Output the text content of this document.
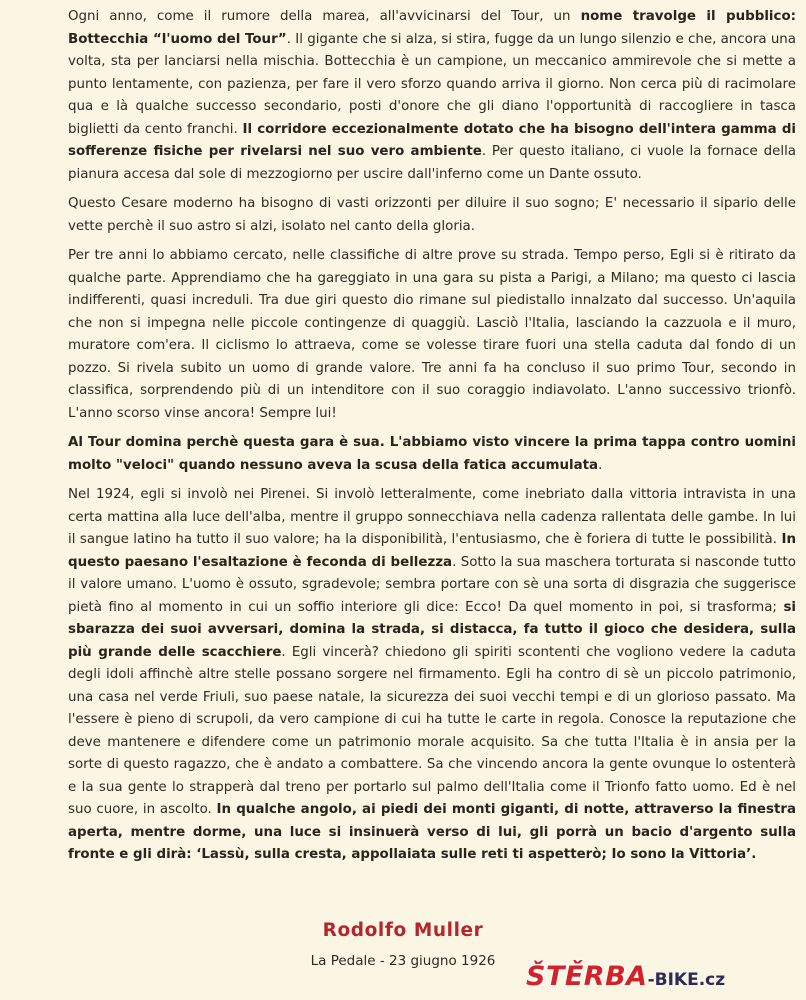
Ogni anno, come il rumore della marea, all'avvicinarsi del Tour, un nome travolge il pubblico: Bottecchia “l'uomo del Tour”. Il gigante che si alza, si stira, fugge da un lungo silenzio e che, ancora una volta, sta per lanciarsi nella mischia. Bottecchia è un campione, un meccanico ammirevole che si mette a punto lentamente, con pazienza, per fare il vero sforzo quando arriva il giorno. Non cerca più di racimolare qua e là qualche successo secondario, posti d'onore che gli diano l'opportunità di raccogliere in tasca biglietti da cento franchi. Il corridore eccezionalmente dotato che ha bisogno dell'intera gamma di sofferenze fisiche per rivelarsi nel suo vero ambiente. Per questo italiano, ci vuole la fornace della pianura accesa dal sole di mezzogiorno per uscire dall'inferno come un Dante ossuto.

Questo Cesare moderno ha bisogno di vasti orizzonti per diluire il suo sogno; E' necessario il sipario delle vette perchè il suo astro si alzi, isolato nel canto della gloria.

Per tre anni lo abbiamo cercato, nelle classifiche di altre prove su strada. Tempo perso, Egli si è ritirato da qualche parte. Apprendiamo che ha gareggiato in una gara su pista a Parigi, a Milano; ma questo ci lascia indifferenti, quasi increduli. Tra due giri questo dio rimane sul piedistallo innalzato dal successo. Un'aquila che non si impegna nelle piccole contingenze di quaggiù. Lasciò l'Italia, lasciando la cazzuola e il muro, muratore com'era. Il ciclismo lo attraeva, come se volesse tirare fuori una stella caduta dal fondo di un pozzo. Si rivela subito un uomo di grande valore. Tre anni fa ha concluso il suo primo Tour, secondo in classifica, sorprendendo più di un intenditore con il suo coraggio indiavolato. L'anno successivo trionfò. L'anno scorso vinse ancora! Sempre lui!

Al Tour domina perchè questa gara è sua. L'abbiamo visto vincere la prima tappa contro uomini molto "veloci" quando nessuno aveva la scusa della fatica accumulata.

Nel 1924, egli si involò nei Pirenei. Si involò letteralmente, come inebriato dalla vittoria intravista in una certa mattina alla luce dell'alba, mentre il gruppo sonnecchiava nella cadenza rallentata delle gambe. In lui il sangue latino ha tutto il suo valore; ha la disponibilità, l'entusiasmo, che è foriera di tutte le possibilità. In questo paesano l'esaltazione è feconda di bellezza. Sotto la sua maschera torturata si nasconde tutto il valore umano. L'uomo è ossuto, sgradevole; sembra portare con sè una sorta di disgrazia che suggerisce pietà fino al momento in cui un soffio interiore gli dice: Ecco! Da quel momento in poi, si trasforma; si sbarazza dei suoi avversari, domina la strada, si distacca, fa tutto il gioco che desidera, sulla più grande delle scacchiere. Egli vincerà? chiedono gli spiriti scontenti che vogliono vedere la caduta degli idoli affinchè altre stelle possano sorgere nel firmamento. Egli ha contro di sè un piccolo patrimonio, una casa nel verde Friuli, suo paese natale, la sicurezza dei suoi vecchi tempi e di un glorioso passato. Ma l'essere è pieno di scrupoli, da vero campione di cui ha tutte le carte in regola. Conosce la reputazione che deve mantenere e difendere come un patrimonio morale acquisito. Sa che tutta l'Italia è in ansia per la sorte di questo ragazzo, che è andato a combattere. Sa che vincendo ancora la gente ovunque lo ostenterà e la sua gente lo strapperà dal treno per portarlo sul palmo dell'Italia come il Trionfo fatto uomo. Ed è nel suo cuore, in ascolto. In qualche angolo, ai piedi dei monti giganti, di notte, attraverso la finestra aperta, mentre dorme, una luce si insinuerà verso di lui, gli porrà un bacio d'argento sulla fronte e gli dirà: ‘Lassù, sulla cresta, appollaiata sulle reti ti aspetterò; Io sono la Vittoria’.

Rodolfo Muller
La Pedale - 23 giugno 1926	ŠTĚRBA-BIKE.cz
